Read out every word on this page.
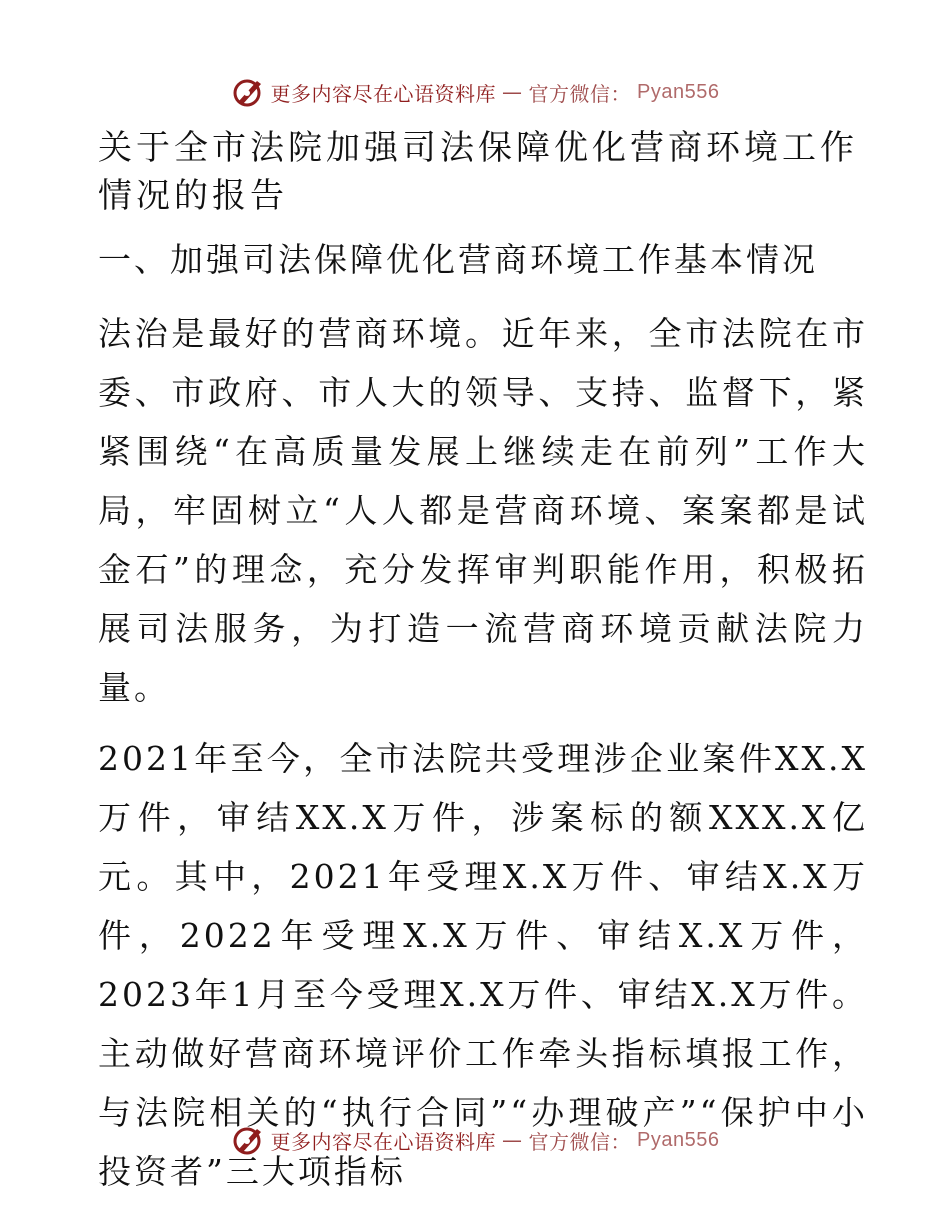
更多内容尽在心语资料库 — 官方微信： Pyan556
关于全市法院加强司法保障优化营商环境工作情况的报告

一、加强司法保障优化营商环境工作基本情况

法治是最好的营商环境。近年来，全市法院在市委、市政府、市人大的领导、支持、监督下，紧紧围绕“在高质量发展上继续走在前列”工作大局，牢固树立“人人都是营商环境、案案都是试金石”的理念，充分发挥审判职能作用，积极拓展司法服务，为打造一流营商环境贡献法院力量。

2021年至今，全市法院共受理涉企业案件XX.X万件，审结XX.X万件，涉案标的额XXX.X亿元。其中，2021年受理X.X万件、审结X.X万件，2022年受理X.X万件、审结X.X万件，2023年1月至今受理X.X万件、审结X.X万件。主动做好营商环境评价工作牵头指标填报工作，与法院相关的“执行合同”“办理破产”“保护中小投资者”三大项指标

更多内容尽在心语资料库 — 官方微信： Pyan556
